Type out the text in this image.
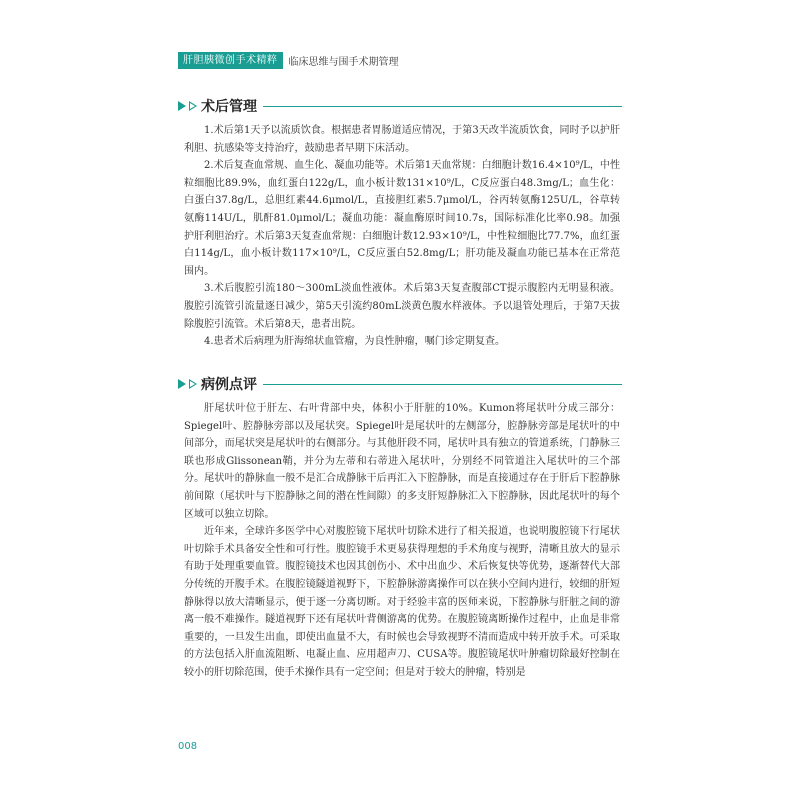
肝胆胰微创手术精粹	临床思维与围手术期管理
术后管理

1.术后第1天予以流质饮食。根据患者胃肠道适应情况，于第3天改半流质饮食，同时予以护肝利胆、抗感染等支持治疗，鼓励患者早期下床活动。

2.术后复查血常规、血生化、凝血功能等。术后第1天血常规：白细胞计数16.4×10⁹/L，中性粒细胞比89.9%，血红蛋白122g/L，血小板计数131×10⁹/L，C反应蛋白48.3mg/L；血生化：白蛋白37.8g/L，总胆红素44.6μmol/L，直接胆红素5.7μmol/L，谷丙转氨酶125U/L，谷草转氨酶114U/L，肌酐81.0μmol/L；凝血功能：凝血酶原时间10.7s，国际标准化比率0.98。加强护肝利胆治疗。术后第3天复查血常规：白细胞计数12.93×10⁹/L，中性粒细胞比77.7%，血红蛋白114g/L，血小板计数117×10⁹/L，C反应蛋白52.8mg/L；肝功能及凝血功能已基本在正常范围内。

3.术后腹腔引流180～300mL淡血性液体。术后第3天复查腹部CT提示腹腔内无明显积液。腹腔引流管引流量逐日减少，第5天引流约80mL淡黄色腹水样液体。予以退管处理后，于第7天拔除腹腔引流管。术后第8天，患者出院。

4.患者术后病理为肝海绵状血管瘤，为良性肿瘤，嘱门诊定期复查。

病例点评

肝尾状叶位于肝左、右叶背部中央，体积小于肝脏的10%。Kumon将尾状叶分成三部分：Spiegel叶、腔静脉旁部以及尾状突。Spiegel叶是尾状叶的左侧部分，腔静脉旁部是尾状叶的中间部分，而尾状突是尾状叶的右侧部分。与其他肝段不同，尾状叶具有独立的管道系统，门静脉三联也形成Glissonean鞘，并分为左蒂和右蒂进入尾状叶，分别经不同管道注入尾状叶的三个部分。尾状叶的静脉血一般不是汇合成静脉干后再汇入下腔静脉，而是直接通过存在于肝后下腔静脉前间隙（尾状叶与下腔静脉之间的潜在性间隙）的多支肝短静脉汇入下腔静脉，因此尾状叶的每个区域可以独立切除。

近年来，全球许多医学中心对腹腔镜下尾状叶切除术进行了相关报道，也说明腹腔镜下行尾状叶切除手术具备安全性和可行性。腹腔镜手术更易获得理想的手术角度与视野，清晰且放大的显示有助于处理重要血管。腹腔镜技术也因其创伤小、术中出血少、术后恢复快等优势，逐渐替代大部分传统的开腹手术。在腹腔镜隧道视野下，下腔静脉游离操作可以在狭小空间内进行，较细的肝短静脉得以放大清晰显示，便于逐一分离切断。对于经验丰富的医师来说，下腔静脉与肝脏之间的游离一般不难操作。隧道视野下还有尾状叶背侧游离的优势。在腹腔镜离断操作过程中，止血是非常重要的，一旦发生出血，即使出血量不大，有时候也会导致视野不清而造成中转开放手术。可采取的方法包括入肝血流阻断、电凝止血、应用超声刀、CUSA等。腹腔镜尾状叶肿瘤切除最好控制在较小的肝切除范围，使手术操作具有一定空间；但是对于较大的肿瘤，特别是

008
